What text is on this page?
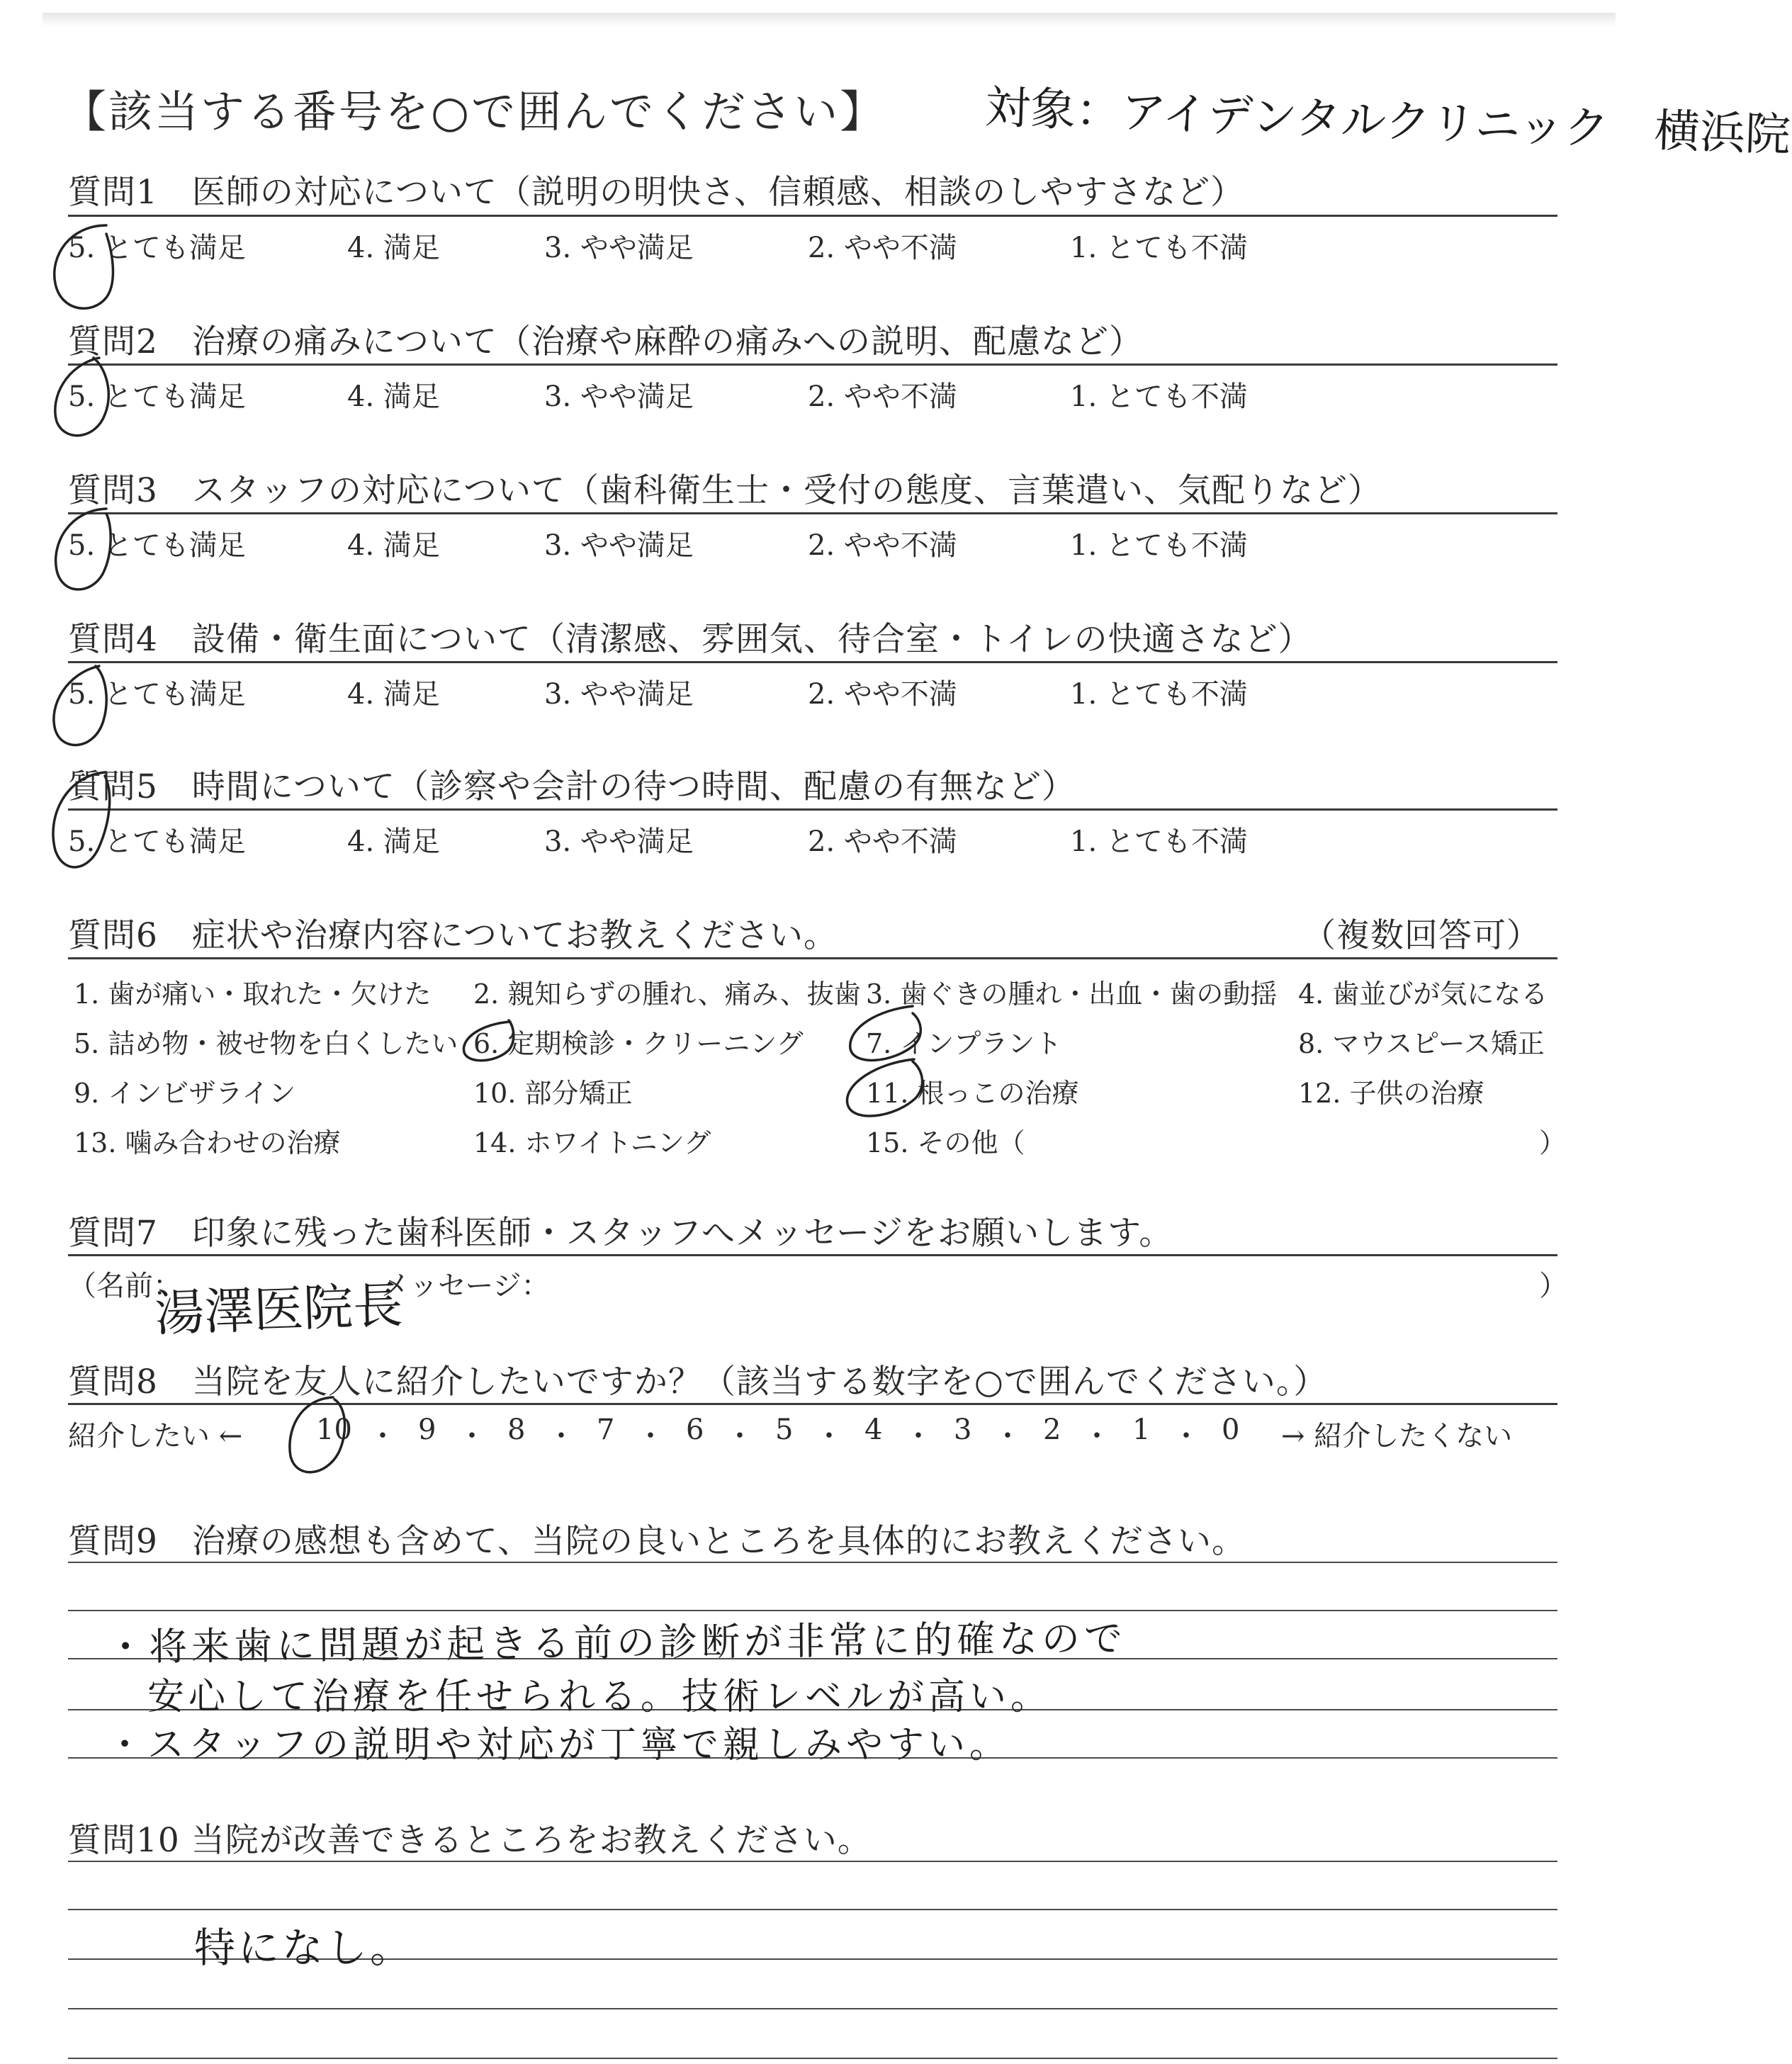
【該当する番号を○で囲んでください】 対象：アイデンタルクリニック　横浜院
質問1　医師の対応について（説明の明快さ、信頼感、相談のしやすさなど）
5. とても満足	4. 満足	3. やや満足	2. やや不満	1. とても不満
質問2　治療の痛みについて（治療や麻酔の痛みへの説明、配慮など）
5. とても満足	4. 満足	3. やや満足	2. やや不満	1. とても不満
質問3　スタッフの対応について（歯科衛生士・受付の態度、言葉遣い、気配りなど）
5. とても満足	4. 満足	3. やや満足	2. やや不満	1. とても不満
質問4　設備・衛生面について（清潔感、雰囲気、待合室・トイレの快適さなど）
5. とても満足	4. 満足	3. やや満足	2. やや不満	1. とても不満
質問5　時間について（診察や会計の待つ時間、配慮の有無など）
5. とても満足	4. 満足	3. やや満足	2. やや不満	1. とても不満
質問6　症状や治療内容についてお教えください。	（複数回答可）
1. 歯が痛い・取れた・欠けた 2. 親知らずの腫れ、痛み、抜歯 3. 歯ぐきの腫れ・出血・歯の動揺 4. 歯並びが気になる
5. 詰め物・被せ物を白くしたい 6. 定期検診・クリーニング 7. インプラント	8. マウスピース矯正
9. インビザライン	10. 部分矯正	11. 根っこの治療	12. 子供の治療
13. 噛み合わせの治療	14. ホワイトニング	15. その他（	）
質問7　印象に残った歯科医師・スタッフへメッセージをお願いします。
（名前：
湯澤医院長
メッセージ：	）
質問8　当院を友人に紹介したいですか？（該当する数字を○で囲んでください。）
紹介したい ←	10 ・ 9 ・ 8 ・ 7 ・ 6 ・ 5 ・ 4 ・ 3 ・ 2 ・ 1 ・ 0 → 紹介したくない
質問9　治療の感想も含めて、当院の良いところを具体的にお教えください。
・将来歯に問題が起きる前の診断が非常に的確なので
安心して治療を任せられる。技術レベルが高い。
・スタッフの説明や対応が丁寧で親しみやすい。
質問10 当院が改善できるところをお教えください。
特になし。
